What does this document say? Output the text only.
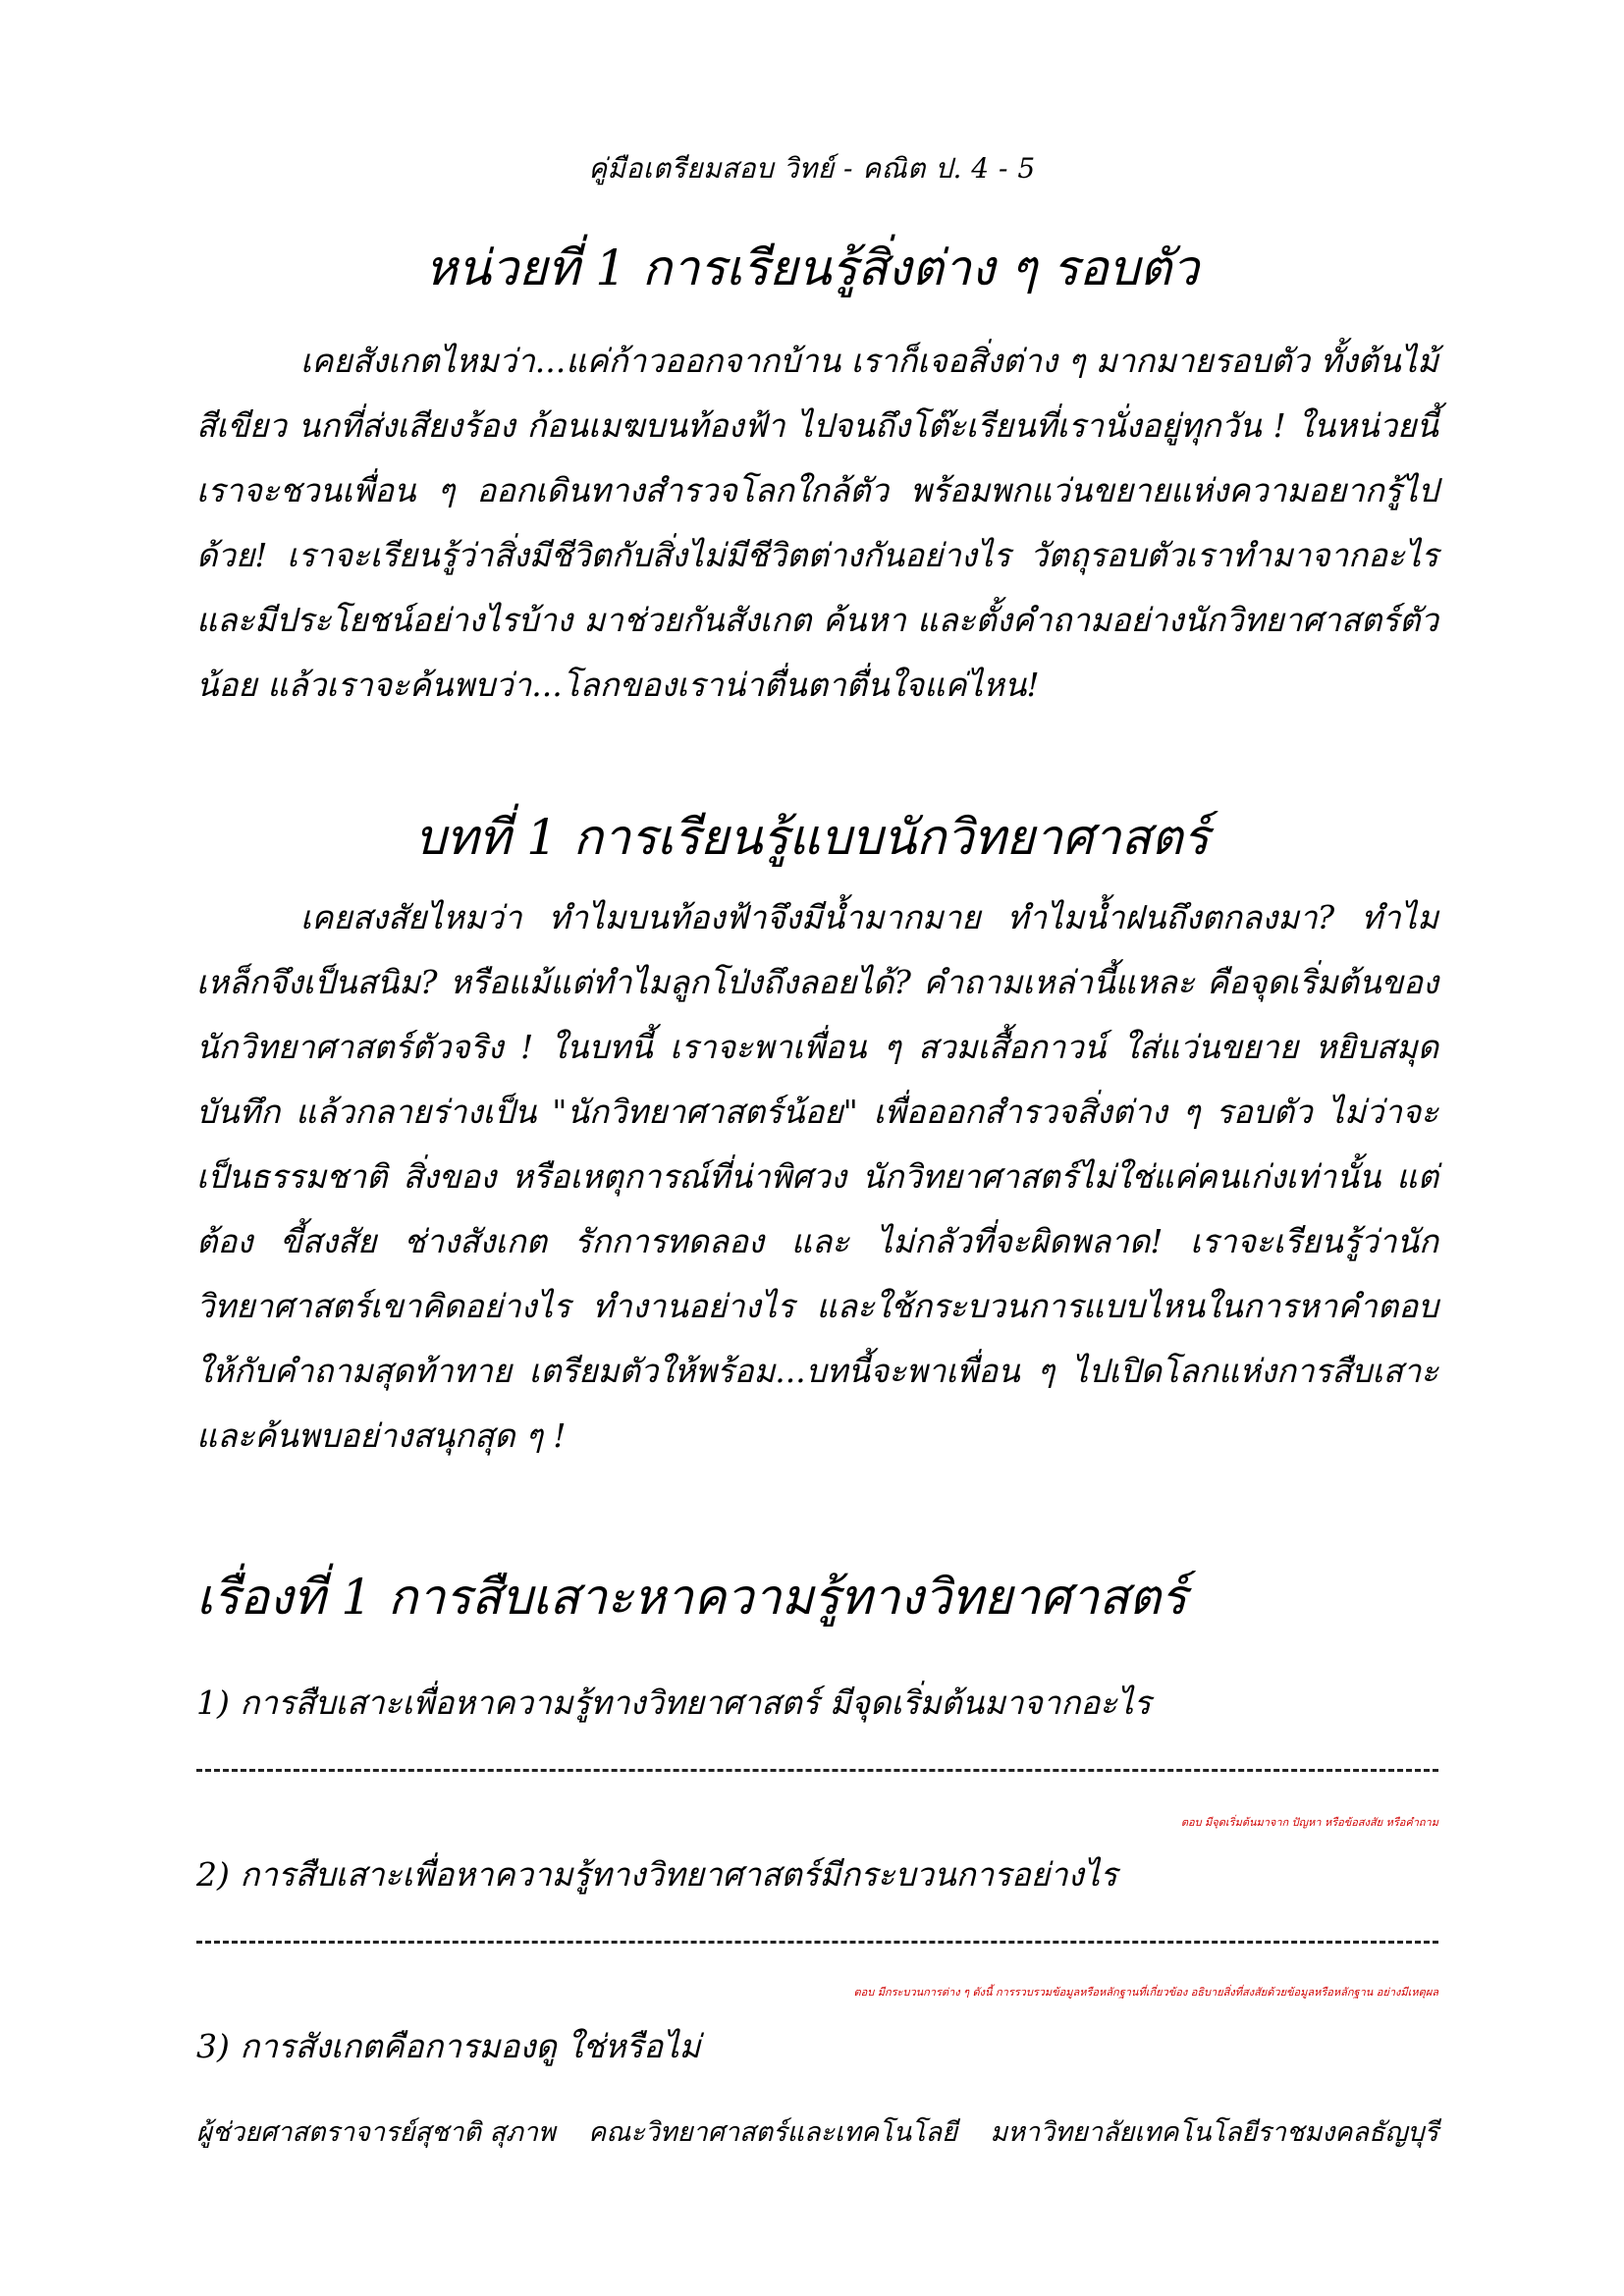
คู่มือเตรียมสอบ วิทย์ - คณิต ป. 4 - 5
หน่วยที่ 1 การเรียนรู้สิ่งต่าง ๆ รอบตัว

เคยสังเกตไหมว่า...แค่ก้าวออกจากบ้าน เราก็เจอสิ่งต่าง ๆ มากมายรอบตัว ทั้งต้นไม้สีเขียว นกที่ส่งเสียงร้อง ก้อนเมฆบนท้องฟ้า ไปจนถึงโต๊ะเรียนที่เรานั่งอยู่ทุกวัน ! ในหน่วยนี้ เราจะชวนเพื่อน ๆ ออกเดินทางสำรวจโลกใกล้ตัว พร้อมพกแว่นขยายแห่งความอยากรู้ไปด้วย! เราจะเรียนรู้ว่าสิ่งมีชีวิตกับสิ่งไม่มีชีวิตต่างกันอย่างไร วัตถุรอบตัวเราทำมาจากอะไร และมีประโยชน์อย่างไรบ้าง มาช่วยกันสังเกต ค้นหา และตั้งคำถามอย่างนักวิทยาศาสตร์ตัวน้อย แล้วเราจะค้นพบว่า...โลกของเราน่าตื่นตาตื่นใจแค่ไหน!

บทที่ 1 การเรียนรู้แบบนักวิทยาศาสตร์

เคยสงสัยไหมว่า ทำไมบนท้องฟ้าจึงมีน้ำมากมาย ทำไมน้ำฝนถึงตกลงมา? ทำไมเหล็กจึงเป็นสนิม? หรือแม้แต่ทำไมลูกโป่งถึงลอยได้? คำถามเหล่านี้แหละ คือจุดเริ่มต้นของนักวิทยาศาสตร์ตัวจริง ! ในบทนี้ เราจะพาเพื่อน ๆ สวมเสื้อกาวน์ ใส่แว่นขยาย หยิบสมุดบันทึก แล้วกลายร่างเป็น "นักวิทยาศาสตร์น้อย" เพื่อออกสำรวจสิ่งต่าง ๆ รอบตัว ไม่ว่าจะเป็นธรรมชาติ สิ่งของ หรือเหตุการณ์ที่น่าพิศวง นักวิทยาศาสตร์ไม่ใช่แค่คนเก่งเท่านั้น แต่ต้อง ขี้สงสัย ช่างสังเกต รักการทดลอง และ ไม่กลัวที่จะผิดพลาด! เราจะเรียนรู้ว่านักวิทยาศาสตร์เขาคิดอย่างไร ทำงานอย่างไร และใช้กระบวนการแบบไหนในการหาคำตอบให้กับคำถามสุดท้าทาย เตรียมตัวให้พร้อม...บทนี้จะพาเพื่อน ๆ ไปเปิดโลกแห่งการสืบเสาะและค้นพบอย่างสนุกสุด ๆ !

เรื่องที่ 1 การสืบเสาะหาความรู้ทางวิทยาศาสตร์
1) การสืบเสาะเพื่อหาความรู้ทางวิทยาศาสตร์ มีจุดเริ่มต้นมาจากอะไร
ตอบ มีจุดเริ่มต้นมาจาก ปัญหา หรือข้อสงสัย หรือคำถาม
2) การสืบเสาะเพื่อหาความรู้ทางวิทยาศาสตร์มีกระบวนการอย่างไร
ตอบ มีกระบวนการต่าง ๆ ดังนี้ การรวบรวมข้อมูลหรือหลักฐานที่เกี่ยวข้อง อธิบายสิ่งที่สงสัยด้วยข้อมูลหรือหลักฐาน อย่างมีเหตุผล
3) การสังเกตคือการมองดู ใช่หรือไม่
ผู้ช่วยศาสตราจารย์สุชาติ สุภาพ คณะวิทยาศาสตร์และเทคโนโลยี มหาวิทยาลัยเทคโนโลยีราชมงคลธัญบุรี
